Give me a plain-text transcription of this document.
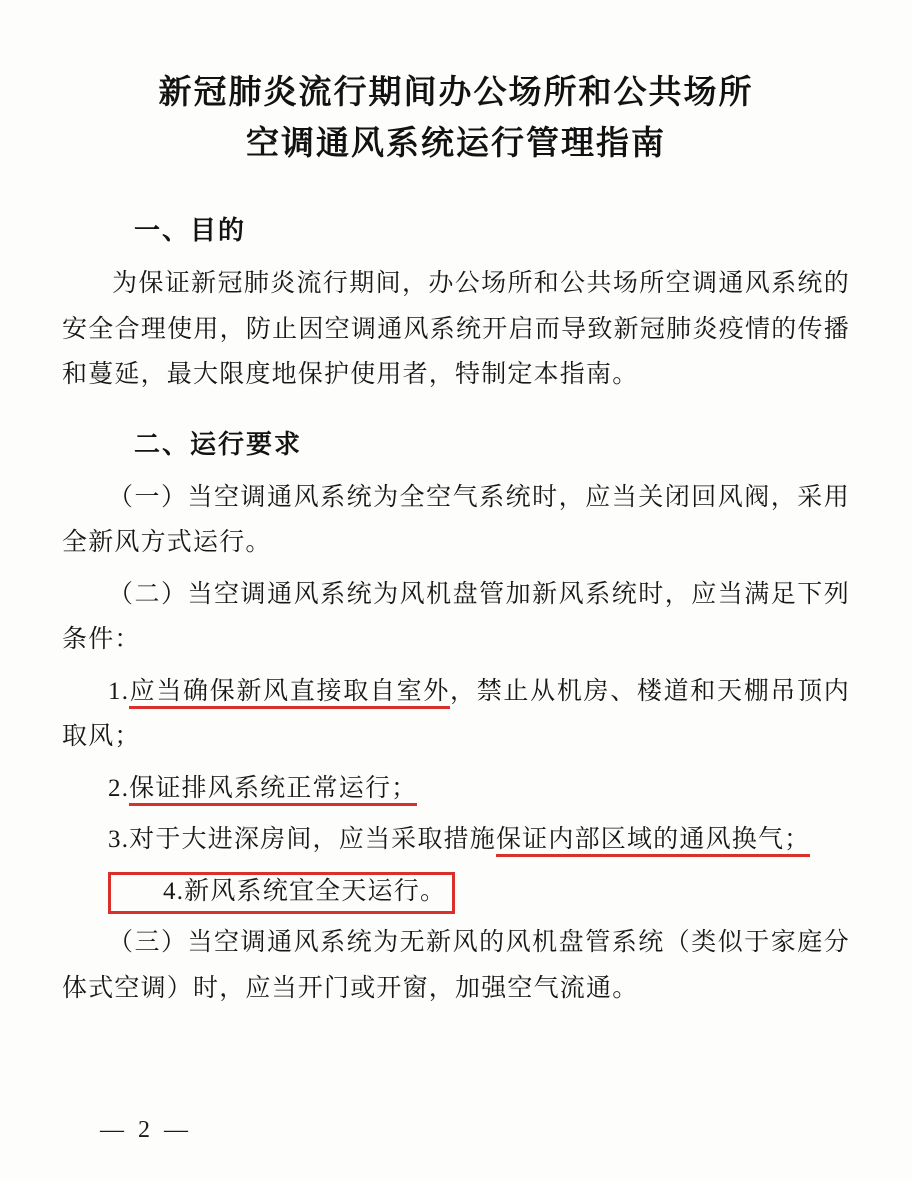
新冠肺炎流行期间办公场所和公共场所
空调通风系统运行管理指南
一、目的

为保证新冠肺炎流行期间，办公场所和公共场所空调通风系统的安全合理使用，防止因空调通风系统开启而导致新冠肺炎疫情的传播和蔓延，最大限度地保护使用者，特制定本指南。

二、运行要求

（一）当空调通风系统为全空气系统时，应当关闭回风阀，采用全新风方式运行。

（二）当空调通风系统为风机盘管加新风系统时，应当满足下列条件：

1.应当确保新风直接取自室外，禁止从机房、楼道和天棚吊顶内取风；

2.保证排风系统正常运行；

3.对于大进深房间，应当采取措施保证内部区域的通风换气；

4.新风系统宜全天运行。

（三）当空调通风系统为无新风的风机盘管系统（类似于家庭分体式空调）时，应当开门或开窗，加强空气流通。

— 2 —
